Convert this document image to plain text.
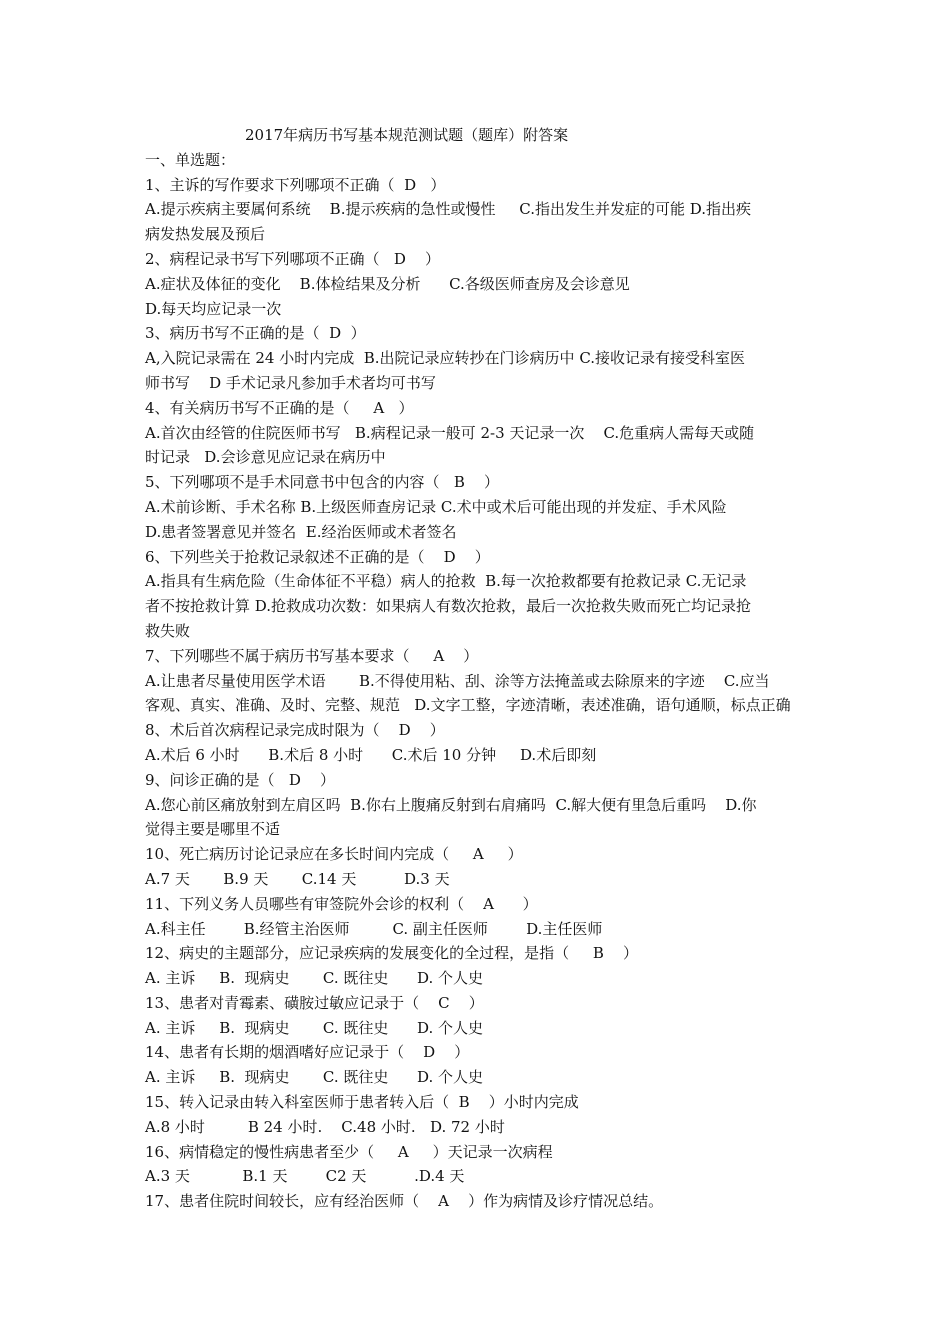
2017年病历书写基本规范测试题（题库）附答案

一、单选题：

1、主诉的写作要求下列哪项不正确（  D   ）

A.提示疾病主要属何系统    B.提示疾病的急性或慢性     C.指出发生并发症的可能 D.指出疾

病发热发展及预后

2、病程记录书写下列哪项不正确（   D    ）

A.症状及体征的变化    B.体检结果及分析      C.各级医师查房及会诊意见

D.每天均应记录一次

3、病历书写不正确的是（  D  ）

A,入院记录需在 24 小时内完成  B.出院记录应转抄在门诊病历中 C.接收记录有接受科室医

师书写    D 手术记录凡参加手术者均可书写

4、有关病历书写不正确的是（     A   ）

A.首次由经管的住院医师书写   B.病程记录一般可 2-3 天记录一次    C.危重病人需每天或随

时记录   D.会诊意见应记录在病历中

5、下列哪项不是手术同意书中包含的内容（   B    ）

A.术前诊断、手术名称 B.上级医师查房记录 C.术中或术后可能出现的并发症、手术风险

D.患者签署意见并签名  E.经治医师或术者签名

6、下列些关于抢救记录叙述不正确的是（    D    ）

A.指具有生病危险（生命体征不平稳）病人的抢救  B.每一次抢救都要有抢救记录 C.无记录

者不按抢救计算 D.抢救成功次数：如果病人有数次抢救，最后一次抢救失败而死亡均记录抢

救失败

7、下列哪些不属于病历书写基本要求（     A    ）

A.让患者尽量使用医学术语       B.不得使用粘、刮、涂等方法掩盖或去除原来的字迹    C.应当

客观、真实、准确、及时、完整、规范   D.文字工整，字迹清晰，表述准确，语句通顺，标点正确

8、术后首次病程记录完成时限为（    D    ）

A.术后 6 小时      B.术后 8 小时      C.术后 10 分钟     D.术后即刻

9、问诊正确的是（   D    ）

A.您心前区痛放射到左肩区吗  B.你右上腹痛反射到右肩痛吗  C.解大便有里急后重吗    D.你

觉得主要是哪里不适

10、死亡病历讨论记录应在多长时间内完成（     A     ）

A.7 天       B.9 天       C.14 天          D.3 天

11、下列义务人员哪些有审签院外会诊的权利（    A      ）

A.科主任        B.经管主治医师         C. 副主任医师        D.主任医师

12、病史的主题部分，应记录疾病的发展变化的全过程，是指（     B    ）

A. 主诉     B.  现病史       C. 既往史      D. 个人史

13、患者对青霉素、磺胺过敏应记录于（    C    ）

A. 主诉     B.  现病史       C. 既往史      D. 个人史

14、患者有长期的烟酒嗜好应记录于（    D    ）

A. 主诉     B.  现病史       C. 既往史      D. 个人史

15、转入记录由转入科室医师于患者转入后（  B    ）小时内完成

A.8 小时         B 24 小时.    C.48 小时.   D. 72 小时

16、病情稳定的慢性病患者至少（     A     ）天记录一次病程

A.3 天           B.1 天        C2 天          .D.4 天

17、患者住院时间较长，应有经治医师（    A    ）作为病情及诊疗情况总结。
